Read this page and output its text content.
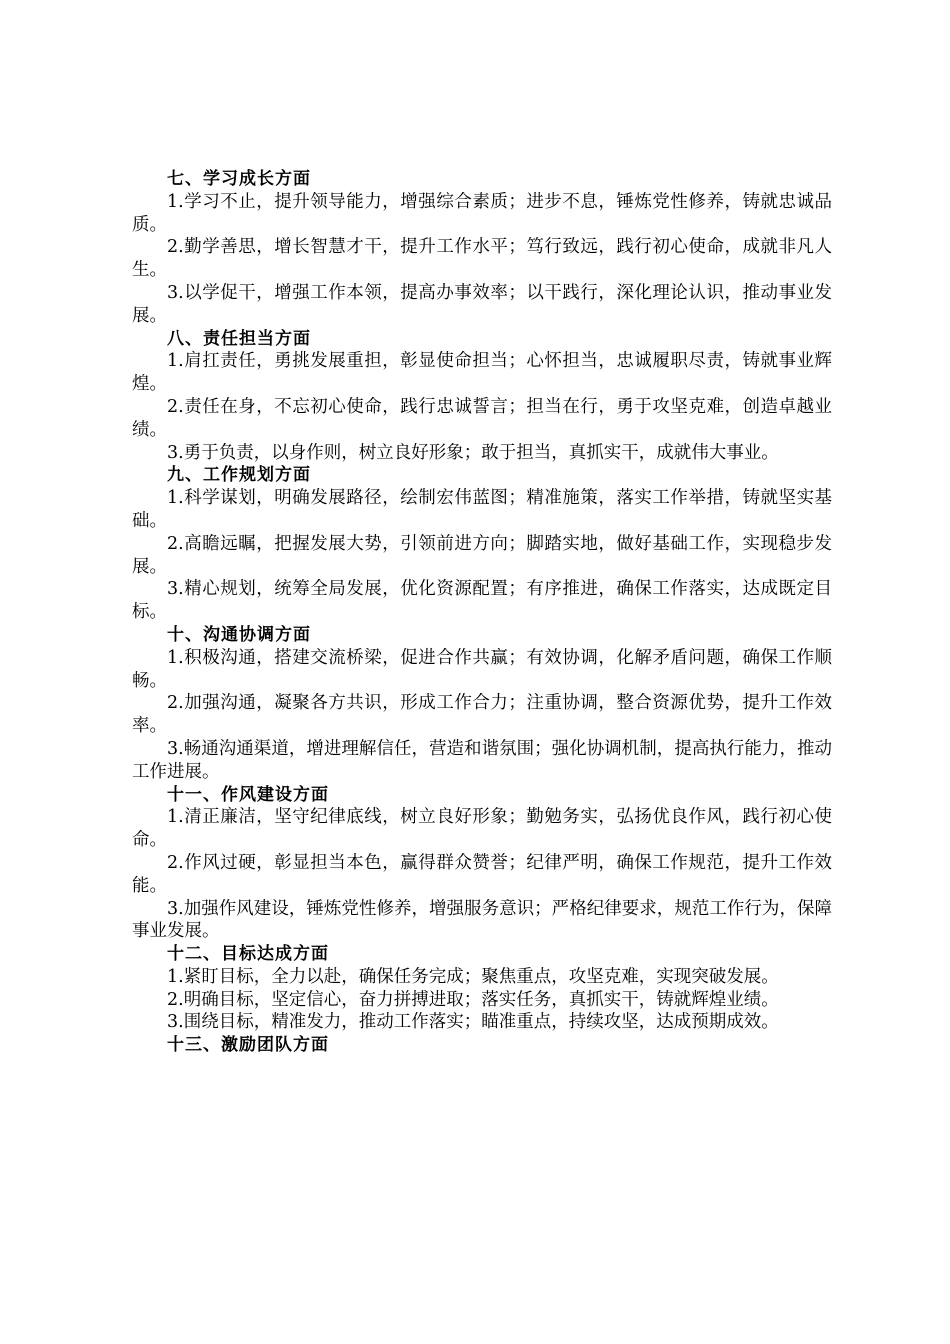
七、学习成长方面

1.学习不止，提升领导能力，增强综合素质；进步不息，锤炼党性修养，铸就忠诚品质。

2.勤学善思，增长智慧才干，提升工作水平；笃行致远，践行初心使命，成就非凡人生。

3.以学促干，增强工作本领，提高办事效率；以干践行，深化理论认识，推动事业发展。

八、责任担当方面

1.肩扛责任，勇挑发展重担，彰显使命担当；心怀担当，忠诚履职尽责，铸就事业辉煌。

2.责任在身，不忘初心使命，践行忠诚誓言；担当在行，勇于攻坚克难，创造卓越业绩。

3.勇于负责，以身作则，树立良好形象；敢于担当，真抓实干，成就伟大事业。

九、工作规划方面

1.科学谋划，明确发展路径，绘制宏伟蓝图；精准施策，落实工作举措，铸就坚实基础。

2.高瞻远瞩，把握发展大势，引领前进方向；脚踏实地，做好基础工作，实现稳步发展。

3.精心规划，统筹全局发展，优化资源配置；有序推进，确保工作落实，达成既定目标。

十、沟通协调方面

1.积极沟通，搭建交流桥梁，促进合作共赢；有效协调，化解矛盾问题，确保工作顺畅。

2.加强沟通，凝聚各方共识，形成工作合力；注重协调，整合资源优势，提升工作效率。

3.畅通沟通渠道，增进理解信任，营造和谐氛围；强化协调机制，提高执行能力，推动工作进展。

十一、作风建设方面

1.清正廉洁，坚守纪律底线，树立良好形象；勤勉务实，弘扬优良作风，践行初心使命。

2.作风过硬，彰显担当本色，赢得群众赞誉；纪律严明，确保工作规范，提升工作效能。

3.加强作风建设，锤炼党性修养，增强服务意识；严格纪律要求，规范工作行为，保障事业发展。

十二、目标达成方面

1.紧盯目标，全力以赴，确保任务完成；聚焦重点，攻坚克难，实现突破发展。

2.明确目标，坚定信心，奋力拼搏进取；落实任务，真抓实干，铸就辉煌业绩。

3.围绕目标，精准发力，推动工作落实；瞄准重点，持续攻坚，达成预期成效。

十三、激励团队方面
